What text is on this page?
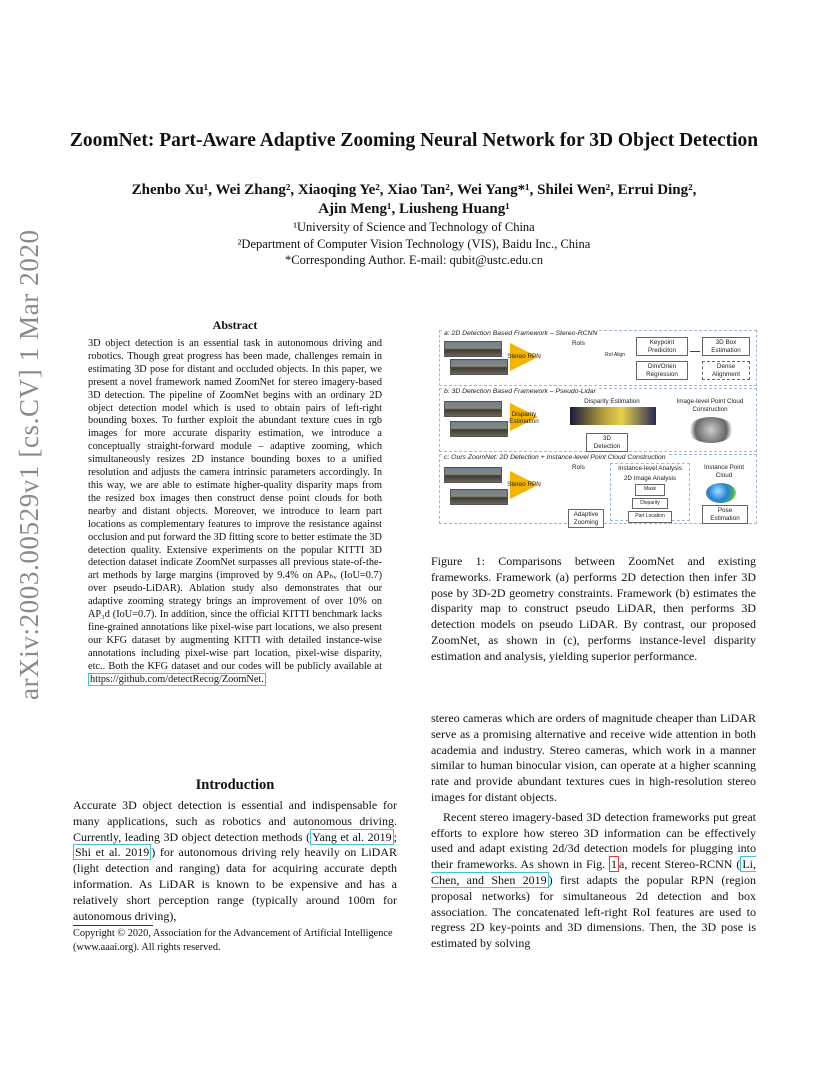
arXiv:2003.00529v1 [cs.CV] 1 Mar 2020
ZoomNet: Part-Aware Adaptive Zooming Neural Network for 3D Object Detection
Zhenbo Xu¹, Wei Zhang², Xiaoqing Ye², Xiao Tan², Wei Yang*¹, Shilei Wen², Errui Ding²,
Ajin Meng¹, Liusheng Huang¹
¹University of Science and Technology of China
²Department of Computer Vision Technology (VIS), Baidu Inc., China
*Corresponding Author. E-mail: qubit@ustc.edu.cn
Abstract
3D object detection is an essential task in autonomous driving and robotics. Though great progress has been made, challenges remain in estimating 3D pose for distant and occluded objects. In this paper, we present a novel framework named ZoomNet for stereo imagery-based 3D detection. The pipeline of ZoomNet begins with an ordinary 2D object detection model which is used to obtain pairs of left-right bounding boxes. To further exploit the abundant texture cues in rgb images for more accurate disparity estimation, we introduce a conceptually straight-forward module – adaptive zooming, which simultaneously resizes 2D instance bounding boxes to a unified resolution and adjusts the camera intrinsic parameters accordingly. In this way, we are able to estimate higher-quality disparity maps from the resized box images then construct dense point clouds for both nearby and distant objects. Moreover, we introduce to learn part locations as complementary features to improve the resistance against occlusion and put forward the 3D fitting score to better estimate the 3D detection quality. Extensive experiments on the popular KITTI 3D detection dataset indicate ZoomNet surpasses all previous state-of-the-art methods by large margins (improved by 9.4% on APₕᵥ (IoU=0.7) over pseudo-LiDAR). Ablation study also demonstrates that our adaptive zooming strategy brings an improvement of over 10% on AP₃d (IoU=0.7). In addition, since the official KITTI benchmark lacks fine-grained annotations like pixel-wise part locations, we also present our KFG dataset by augmenting KITTI with detailed instance-wise annotations including pixel-wise part location, pixel-wise disparity, etc.. Both the KFG dataset and our codes will be publicly available at https://github.com/detectRecog/ZoomNet.
Introduction
Accurate 3D object detection is essential and indispensable for many applications, such as robotics and autonomous driving. Currently, leading 3D object detection methods ( Yang et al. 2019 ; Shi et al. 2019 ) for autonomous driving rely heavily on LiDAR (light detection and ranging) data for acquiring accurate depth information. As LiDAR is known to be expensive and has a relatively short perception range (typically around 100m for autonomous driving),
Copyright © 2020, Association for the Advancement of Artificial Intelligence (www.aaai.org). All rights reserved.
a: 2D Detection Based Framework – Stereo-RCNN
Stereo RPN
RoIs
RoI Align
Keypoint Prediciton
Dim/Orien Regression
3D Box Estimation
Dense Alignment
b: 3D Detection Based Framework – Pseudo-Lidar
Disparity Estimation
Disparity Estimation
3D Detection
Image-level Point Cloud Construction
c: Ours ZoomNet: 2D Detection + Instance-level Point Cloud Construction
Stereo RPN
RoIs
Adaptive Zooming
Instance-level Analysis
2D Image Analysis
Mask
Disparity
Part Location
Instance Point Cloud
Pose Estimation
Figure 1: Comparisons between ZoomNet and existing frameworks. Framework (a) performs 2D detection then infer 3D pose by 3D-2D geometry constraints. Framework (b) estimates the disparity map to construct pseudo LiDAR, then performs 3D detection models on pseudo LiDAR. By contrast, our proposed ZoomNet, as shown in (c), performs instance-level disparity estimation and analysis, yielding superior performance.

stereo cameras which are orders of magnitude cheaper than LiDAR serve as a promising alternative and receive wide attention in both academia and industry. Stereo cameras, which work in a manner similar to human binocular vision, can operate at a higher scanning rate and provide abundant textures cues in high-resolution stereo images for distant objects.

Recent stereo imagery-based 3D detection frameworks put great efforts to explore how stereo 3D information can be effectively used and adapt existing 2d/3d detection models for plugging into their frameworks. As shown in Fig. 1 a, recent Stereo-RCNN ( Li, Chen, and Shen 2019 ) first adapts the popular RPN (region proposal networks) for simultaneous 2d detection and box association. The concatenated left-right RoI features are used to regress 2D key-points and 3D dimensions. Then, the 3D pose is estimated by solving
